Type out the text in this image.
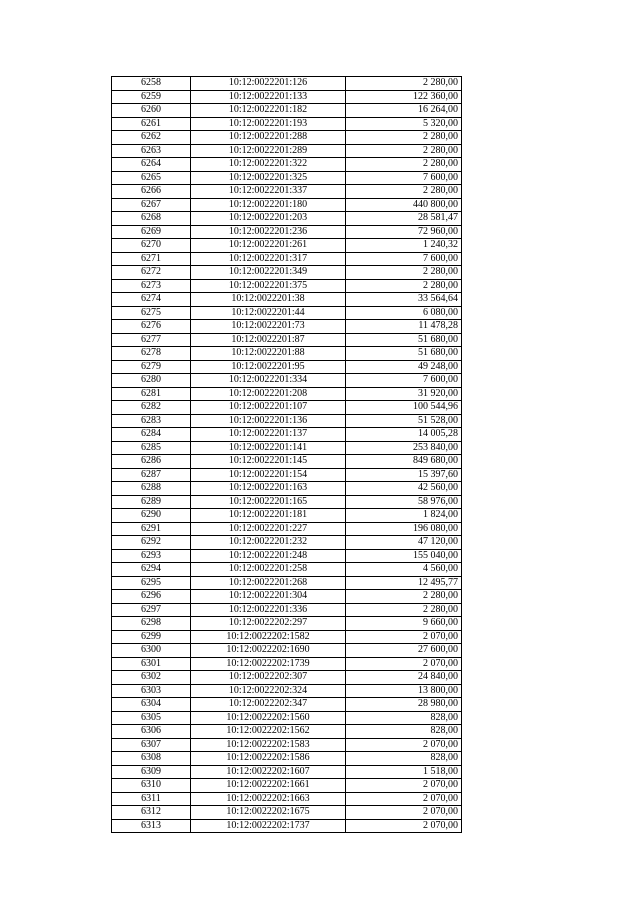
6258	10:12:0022201:126	2 280,00
6259	10:12:0022201:133	122 360,00
6260	10:12:0022201:182	16 264,00
6261	10:12:0022201:193	5 320,00
6262	10:12:0022201:288	2 280,00
6263	10:12:0022201:289	2 280,00
6264	10:12:0022201:322	2 280,00
6265	10:12:0022201:325	7 600,00
6266	10:12:0022201:337	2 280,00
6267	10:12:0022201:180	440 800,00
6268	10:12:0022201:203	28 581,47
6269	10:12:0022201:236	72 960,00
6270	10:12:0022201:261	1 240,32
6271	10:12:0022201:317	7 600,00
6272	10:12:0022201:349	2 280,00
6273	10:12:0022201:375	2 280,00
6274	10:12:0022201:38	33 564,64
6275	10:12:0022201:44	6 080,00
6276	10:12:0022201:73	11 478,28
6277	10:12:0022201:87	51 680,00
6278	10:12:0022201:88	51 680,00
6279	10:12:0022201:95	49 248,00
6280	10:12:0022201:334	7 600,00
6281	10:12:0022201:208	31 920,00
6282	10:12:0022201:107	100 544,96
6283	10:12:0022201:136	51 528,00
6284	10:12:0022201:137	14 005,28
6285	10:12:0022201:141	253 840,00
6286	10:12:0022201:145	849 680,00
6287	10:12:0022201:154	15 397,60
6288	10:12:0022201:163	42 560,00
6289	10:12:0022201:165	58 976,00
6290	10:12:0022201:181	1 824,00
6291	10:12:0022201:227	196 080,00
6292	10:12:0022201:232	47 120,00
6293	10:12:0022201:248	155 040,00
6294	10:12:0022201:258	4 560,00
6295	10:12:0022201:268	12 495,77
6296	10:12:0022201:304	2 280,00
6297	10:12:0022201:336	2 280,00
6298	10:12:0022202:297	9 660,00
6299	10:12:0022202:1582	2 070,00
6300	10:12:0022202:1690	27 600,00
6301	10:12:0022202:1739	2 070,00
6302	10:12:0022202:307	24 840,00
6303	10:12:0022202:324	13 800,00
6304	10:12:0022202:347	28 980,00
6305	10:12:0022202:1560	828,00
6306	10:12:0022202:1562	828,00
6307	10:12:0022202:1583	2 070,00
6308	10:12:0022202:1586	828,00
6309	10:12:0022202:1607	1 518,00
6310	10:12:0022202:1661	2 070,00
6311	10:12:0022202:1663	2 070,00
6312	10:12:0022202:1675	2 070,00
6313	10:12:0022202:1737	2 070,00
